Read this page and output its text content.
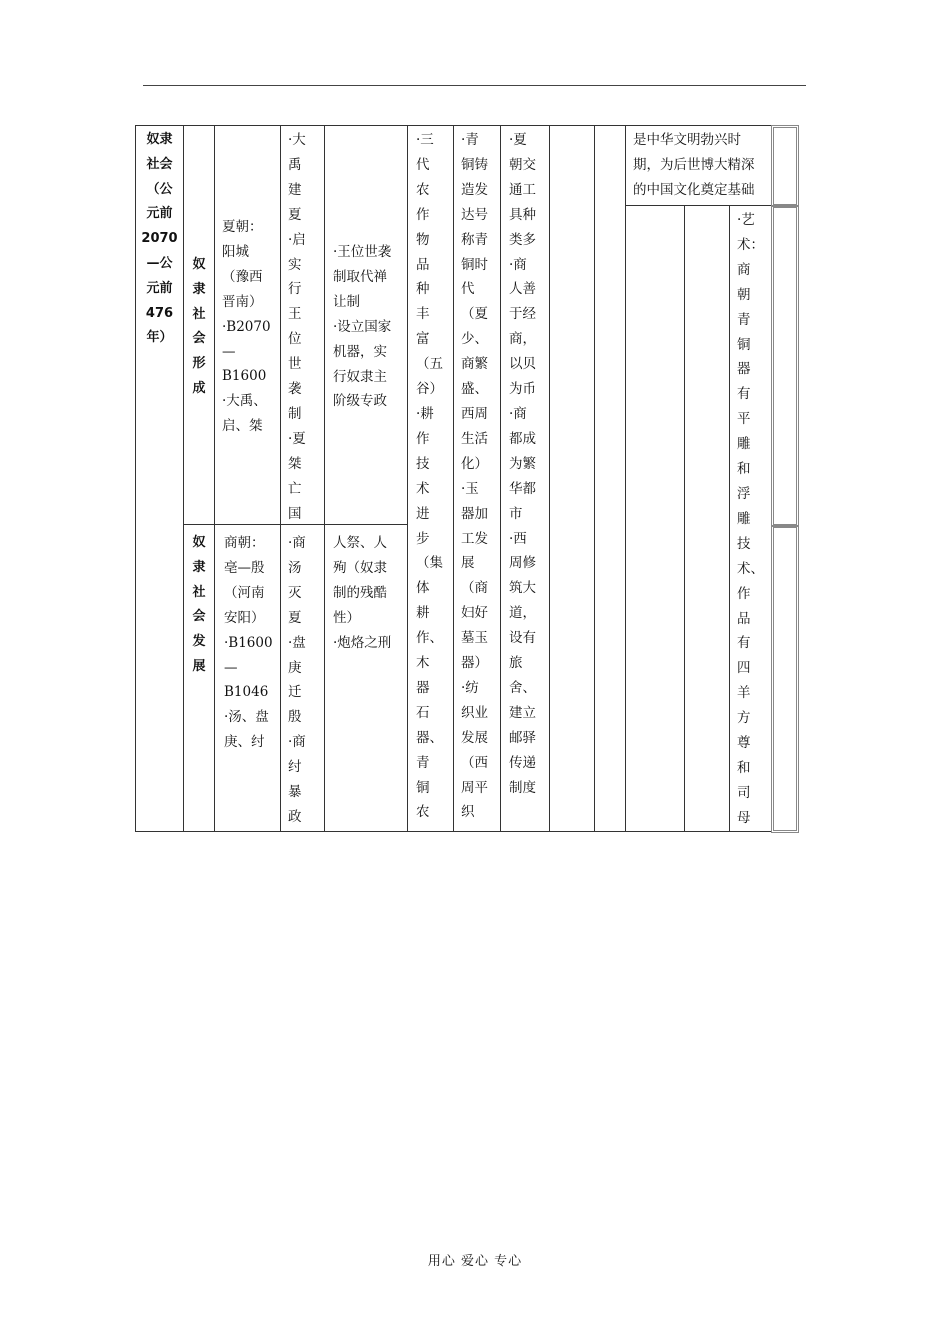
奴隶
社会
（公
元前
2070
—公
元前
476
年）
奴
隶
社
会
形
成
奴
隶
社
会
发
展
夏朝：
阳城
（豫西
晋南）
·B2070
—
B1600
·大禹、
启、桀
商朝：
亳—殷
（河南
安阳）
·B1600
—
B1046
·汤、盘
庚、纣
·大
禹
建
夏
·启
实
行
王
位
世
袭
制
·夏
桀
亡
国
·商
汤
灭
夏
·盘
庚
迁
殷
·商
纣
暴
政
·王位世袭
制取代禅
让制
·设立国家
机器，实
行奴隶主
阶级专政
人祭、人
殉（奴隶
制的残酷
性）
·炮烙之刑
·三
代
农
作
物
品
种
丰
富
（五
谷）
·耕
作
技
术
进
步
（集
体
耕
作、
木
器
石
器、
青
铜
农
·青
铜铸
造发
达号
称青
铜时
代
（夏
少、
商繁
盛、
西周
生活
化）
·玉
器加
工发
展
（商
妇好
墓玉
器）
·纺
织业
发展
（西
周平
织
·夏
朝交
通工
具种
类多
·商
人善
于经
商，
以贝
为币
·商
都成
为繁
华都
市
·西
周修
筑大
道，
设有
旅
舍、
建立
邮驿
传递
制度
是中华文明勃兴时
期，为后世博大精深
的中国文化奠定基础
·艺
术：
商
朝
青
铜
器
有
平
雕
和
浮
雕
技
术、
作
品
有
四
羊
方
尊
和
司
母
用心 爱心 专心
